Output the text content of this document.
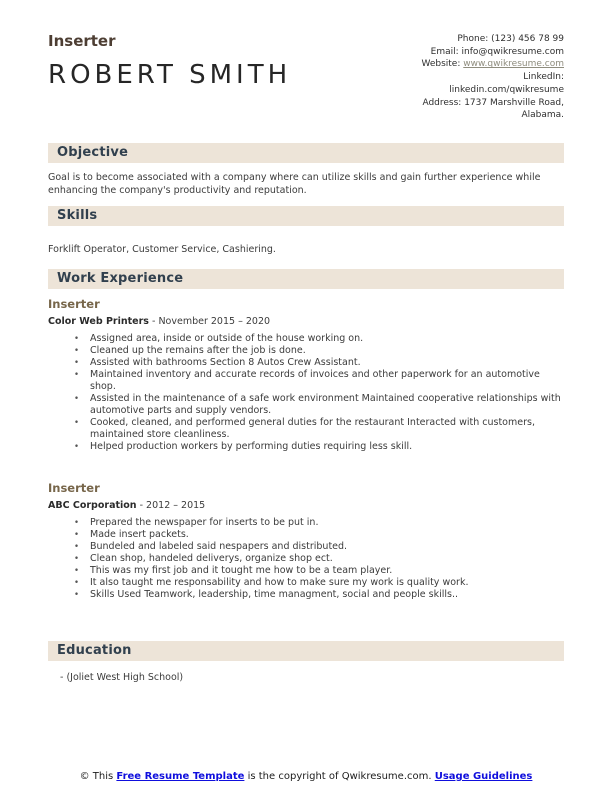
Inserter
ROBERT SMITH
Phone: (123) 456 78 99
Email: info@qwikresume.com
Website: www.qwikresume.com
LinkedIn:
linkedin.com/qwikresume
Address: 1737 Marshville Road,
Alabama.
Objective

Goal is to become associated with a company where can utilize skills and gain further experience while enhancing the company's productivity and reputation.

Skills

Forklift Operator, Customer Service, Cashiering.

Work Experience
Inserter
Color Web Printers - November 2015 – 2020
• Assigned area, inside or outside of the house working on.
• Cleaned up the remains after the job is done.
• Assisted with bathrooms Section 8 Autos Crew Assistant.
• Maintained inventory and accurate records of invoices and other paperwork for an automotive shop.
• Assisted in the maintenance of a safe work environment Maintained cooperative relationships with automotive parts and supply vendors.
• Cooked, cleaned, and performed general duties for the restaurant Interacted with customers, maintained store cleanliness.
• Helped production workers by performing duties requiring less skill.
Inserter
ABC Corporation - 2012 – 2015
• Prepared the newspaper for inserts to be put in.
• Made insert packets.
• Bundeled and labeled said nespapers and distributed.
• Clean shop, handeled deliverys, organize shop ect.
• This was my first job and it tought me how to be a team player.
• It also taught me responsability and how to make sure my work is quality work.
• Skills Used Teamwork, leadership, time managment, social and people skills..
Education

- (Joliet West High School)

© This Free Resume Template is the copyright of Qwikresume.com. Usage Guidelines
